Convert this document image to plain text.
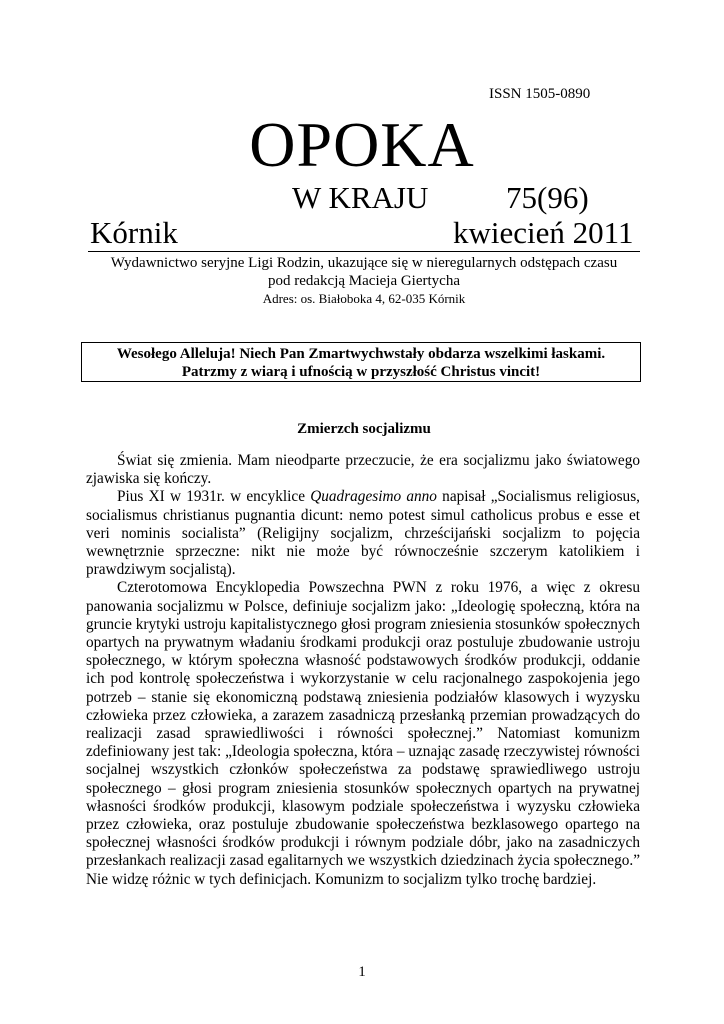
ISSN 1505-0890
OPOKA
W KRAJU	75(96)
Kórnik	kwiecień 2011
Wydawnictwo seryjne Ligi Rodzin, ukazujące się w nieregularnych odstępach czasu
pod redakcją Macieja Giertycha
Adres: os. Białoboka 4, 62-035 Kórnik
Wesołego Alleluja! Niech Pan Zmartwychwstały obdarza wszelkimi łaskami.
Patrzmy z wiarą i ufnością w przyszłość Christus vincit!
Zmierzch socjalizmu

Świat się zmienia. Mam nieodparte przeczucie, że era socjalizmu jako światowego zjawiska się kończy.

Pius XI w 1931r. w encyklice Quadragesimo anno napisał „Socialismus religiosus, socialismus christianus pugnantia dicunt: nemo potest simul catholicus probus e esse et veri nominis socialista” (Religijny socjalizm, chrześcijański socjalizm to pojęcia wewnętrznie sprzeczne: nikt nie może być równocześnie szczerym katolikiem i prawdziwym socjalistą).

Czterotomowa Encyklopedia Powszechna PWN z roku 1976, a więc z okresu panowania socjalizmu w Polsce, definiuje socjalizm jako: „Ideologię społeczną, która na gruncie krytyki ustroju kapitalistycznego głosi program zniesienia stosunków społecznych opartych na prywatnym władaniu środkami produkcji oraz postuluje zbudowanie ustroju społecznego, w którym społeczna własność podstawowych środków produkcji, oddanie ich pod kontrolę społeczeństwa i wykorzystanie w celu racjonalnego zaspokojenia jego potrzeb – stanie się ekonomiczną podstawą zniesienia podziałów klasowych i wyzysku człowieka przez człowieka, a zarazem zasadniczą przesłanką przemian prowadzących do realizacji zasad sprawiedliwości i równości społecznej.” Natomiast komunizm zdefiniowany jest tak: „Ideologia społeczna, która – uznając zasadę rzeczywistej równości socjalnej wszystkich członków społeczeństwa za podstawę sprawiedliwego ustroju społecznego – głosi program zniesienia stosunków społecznych opartych na prywatnej własności środków produkcji, klasowym podziale społeczeństwa i wyzysku człowieka przez człowieka, oraz postuluje zbudowanie społeczeństwa bezklasowego opartego na społecznej własności środków produkcji i równym podziale dóbr, jako na zasadniczych przesłankach realizacji zasad egalitarnych we wszystkich dziedzinach życia społecznego.” Nie widzę różnic w tych definicjach. Komunizm to socjalizm tylko trochę bardziej.

1
